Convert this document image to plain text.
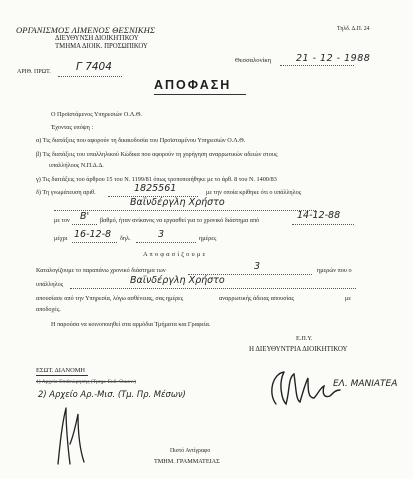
ΟΡΓΑΝΙΣΜΟΣ ΛΙΜΕΝΟΣ ΘΕΣΝΙΚΗΣ
ΔΙΕΥΘΥΝΣΗ ΔΙΟΙΚΗΤΙΚΟΥ
ΤΜΗΜΑ ΔΙΟΙΚ. ΠΡΟΣΩΠΙΚΟΥ
Τηλδ. Δ.Π. 24
Θεσσαλονίκη	21 - 12 - 1988
ΑΡΙΘ. ΠΡΩΤ. Γ 7404
ΑΠΟΦΑΣΗ
Ο Προϊστάμενος Υπηρεσιών Ο.Λ.Θ.
Έχοντας υπόψη :
α) Τις διατάξεις που αφορούν τη δικαιοδοσία του Προϊσταμένου Υπηρεσιών Ο.Λ.Θ.
β) Τις διατάξεις του υπαλληλικού Κώδικα που αφορούν τη χορήγηση αναρρωτικών αδειών στους
υπαλλήλους Ν.Π.Δ.Δ.
γ) Τις διατάξεις του άρθρου 15 του Ν. 1199/81 όπως τροποποιήθηκε με το άρθ. 8 του Ν. 1400/83
δ) Τη γνωμάτευση αριθ.	1825561	με την οποία κρίθηκε ότι ο υπάλληλος
Βαϊνδέργλη Χρήστο
με τον Β' βαθμό, ήταν ανίκανος να εργασθεί για το χρονικό διάστημα από	14-12-88
μέχρι 16-12-8 δηλ.	3	ημέρες
Α π ο φ α σ ί ζ ο υ μ ε
Καταλογίζουμε το παραπάνω χρονικό διάστημα των	3	ημερών που ο
υπάλληλος	Βαϊνδέργλη Χρήστο
απουσίασε από την Υπηρεσία, λόγω ασθένειας, σας ημέρες	αναρρωτικής άδειας απουσίας	με
αποδοχές.
Η παρούσα να κοινοποιηθεί στα αρμόδια Τμήματα και Γραφεία.
Ε.Π.Υ.
Η ΔΙΕΥΘΥΝΤΡΙΑ ΔΙΟΙΚΗΤΙΚΟΥ
ΕΛ. ΜΑΝΙΑΤΕΑ
ΕΣΩΤ. ΔΙΑΝΟΜΗ
1) Αρχείο Επιθεώρησης (Τμημ. Εκδ. Οικον.)
2) Αρχείο Αρ.-Μισ. (Τμ. Πρ. Μέσων)
Πιστό Αντίγραφο
ΤΜΗΜ. ΓΡΑΜΜΑΤΕΙΑΣ
